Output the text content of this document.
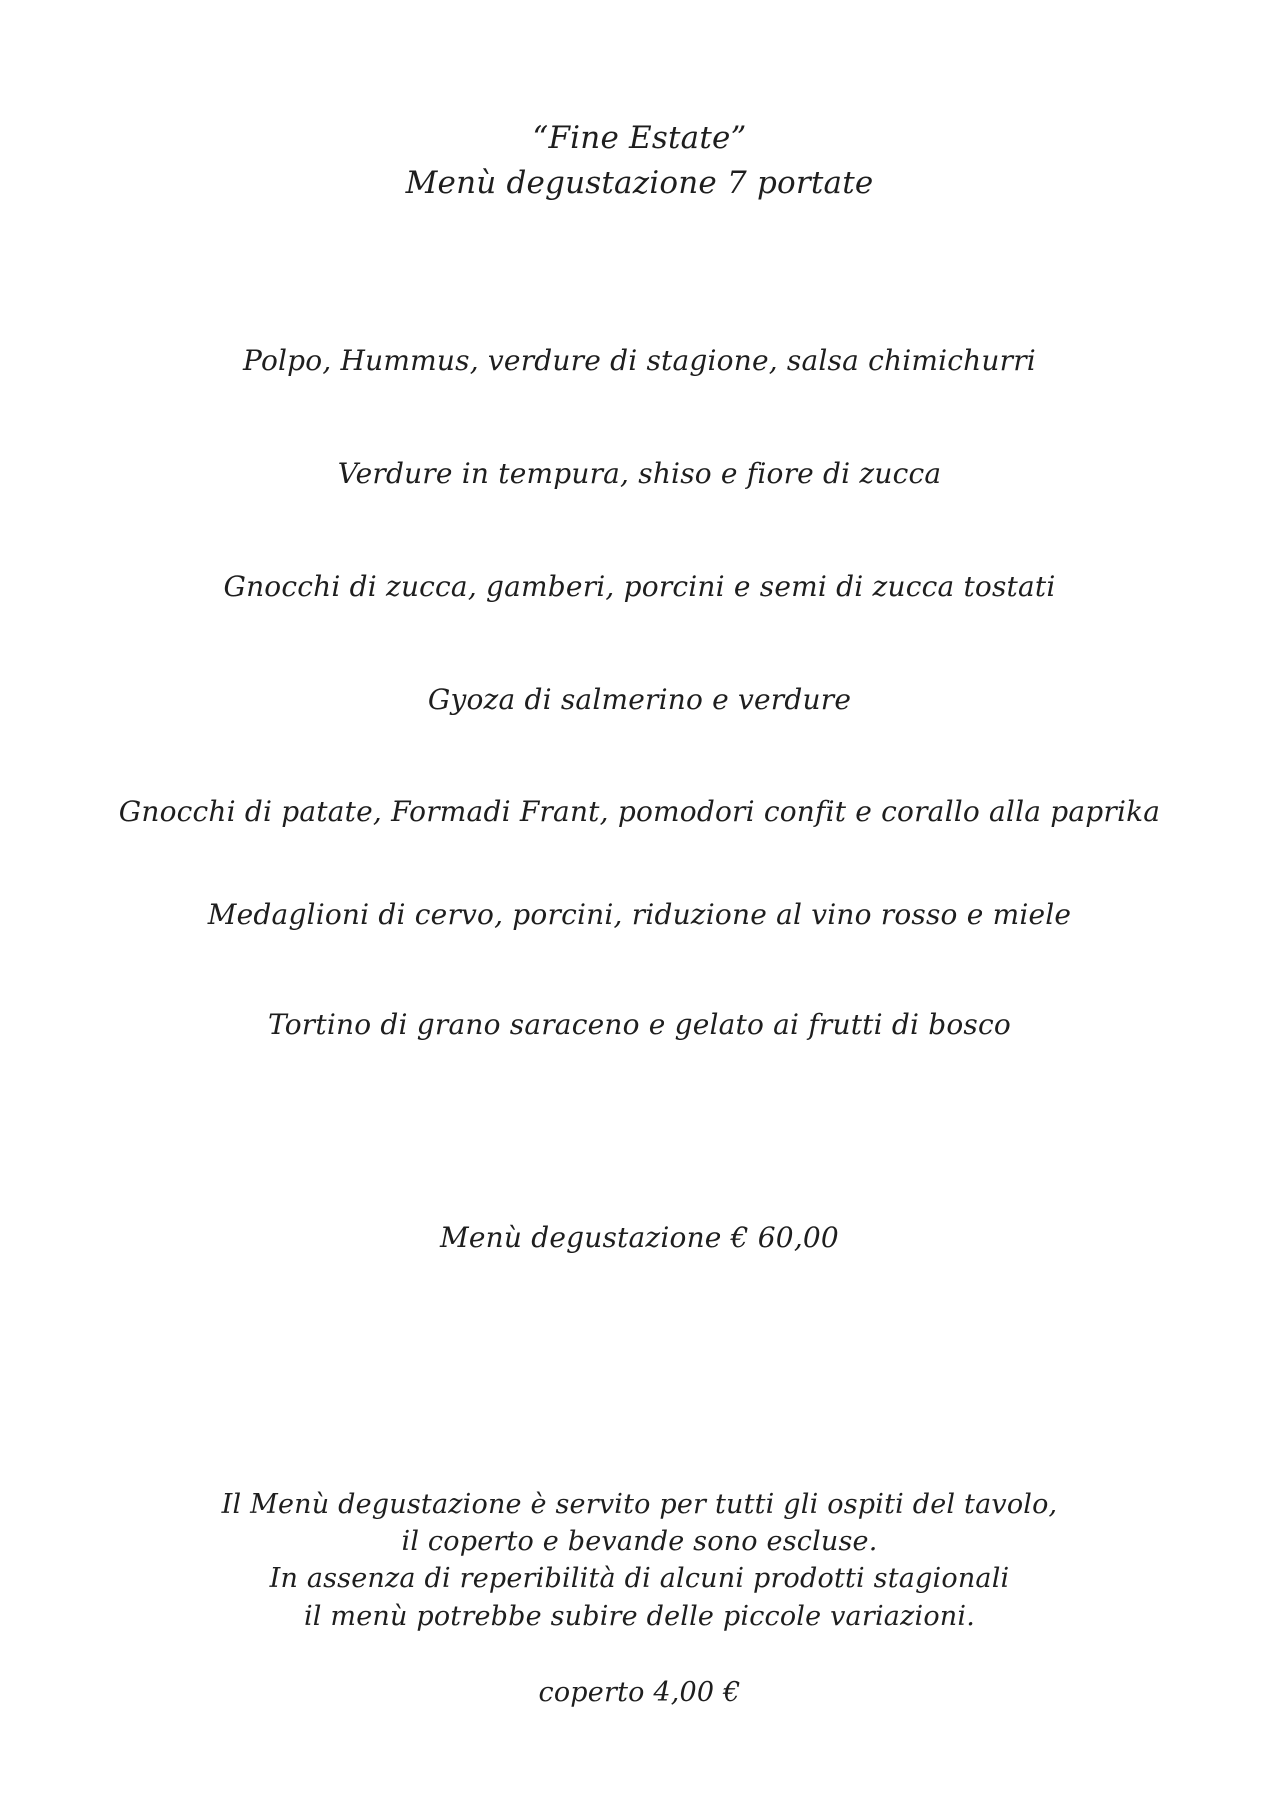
“Fine Estate”
Menù degustazione 7 portate
Polpo, Hummus, verdure di stagione, salsa chimichurri
Verdure in tempura, shiso e fiore di zucca
Gnocchi di zucca, gamberi, porcini e semi di zucca tostati
Gyoza di salmerino e verdure
Gnocchi di patate, Formadi Frant, pomodori confit e corallo alla paprika
Medaglioni di cervo, porcini, riduzione al vino rosso e miele
Tortino di grano saraceno e gelato ai frutti di bosco
Menù degustazione € 60,00
Il Menù degustazione è servito per tutti gli ospiti del tavolo,
il coperto e bevande sono escluse.
In assenza di reperibilità di alcuni prodotti stagionali
il menù potrebbe subire delle piccole variazioni.
coperto 4,00 €
